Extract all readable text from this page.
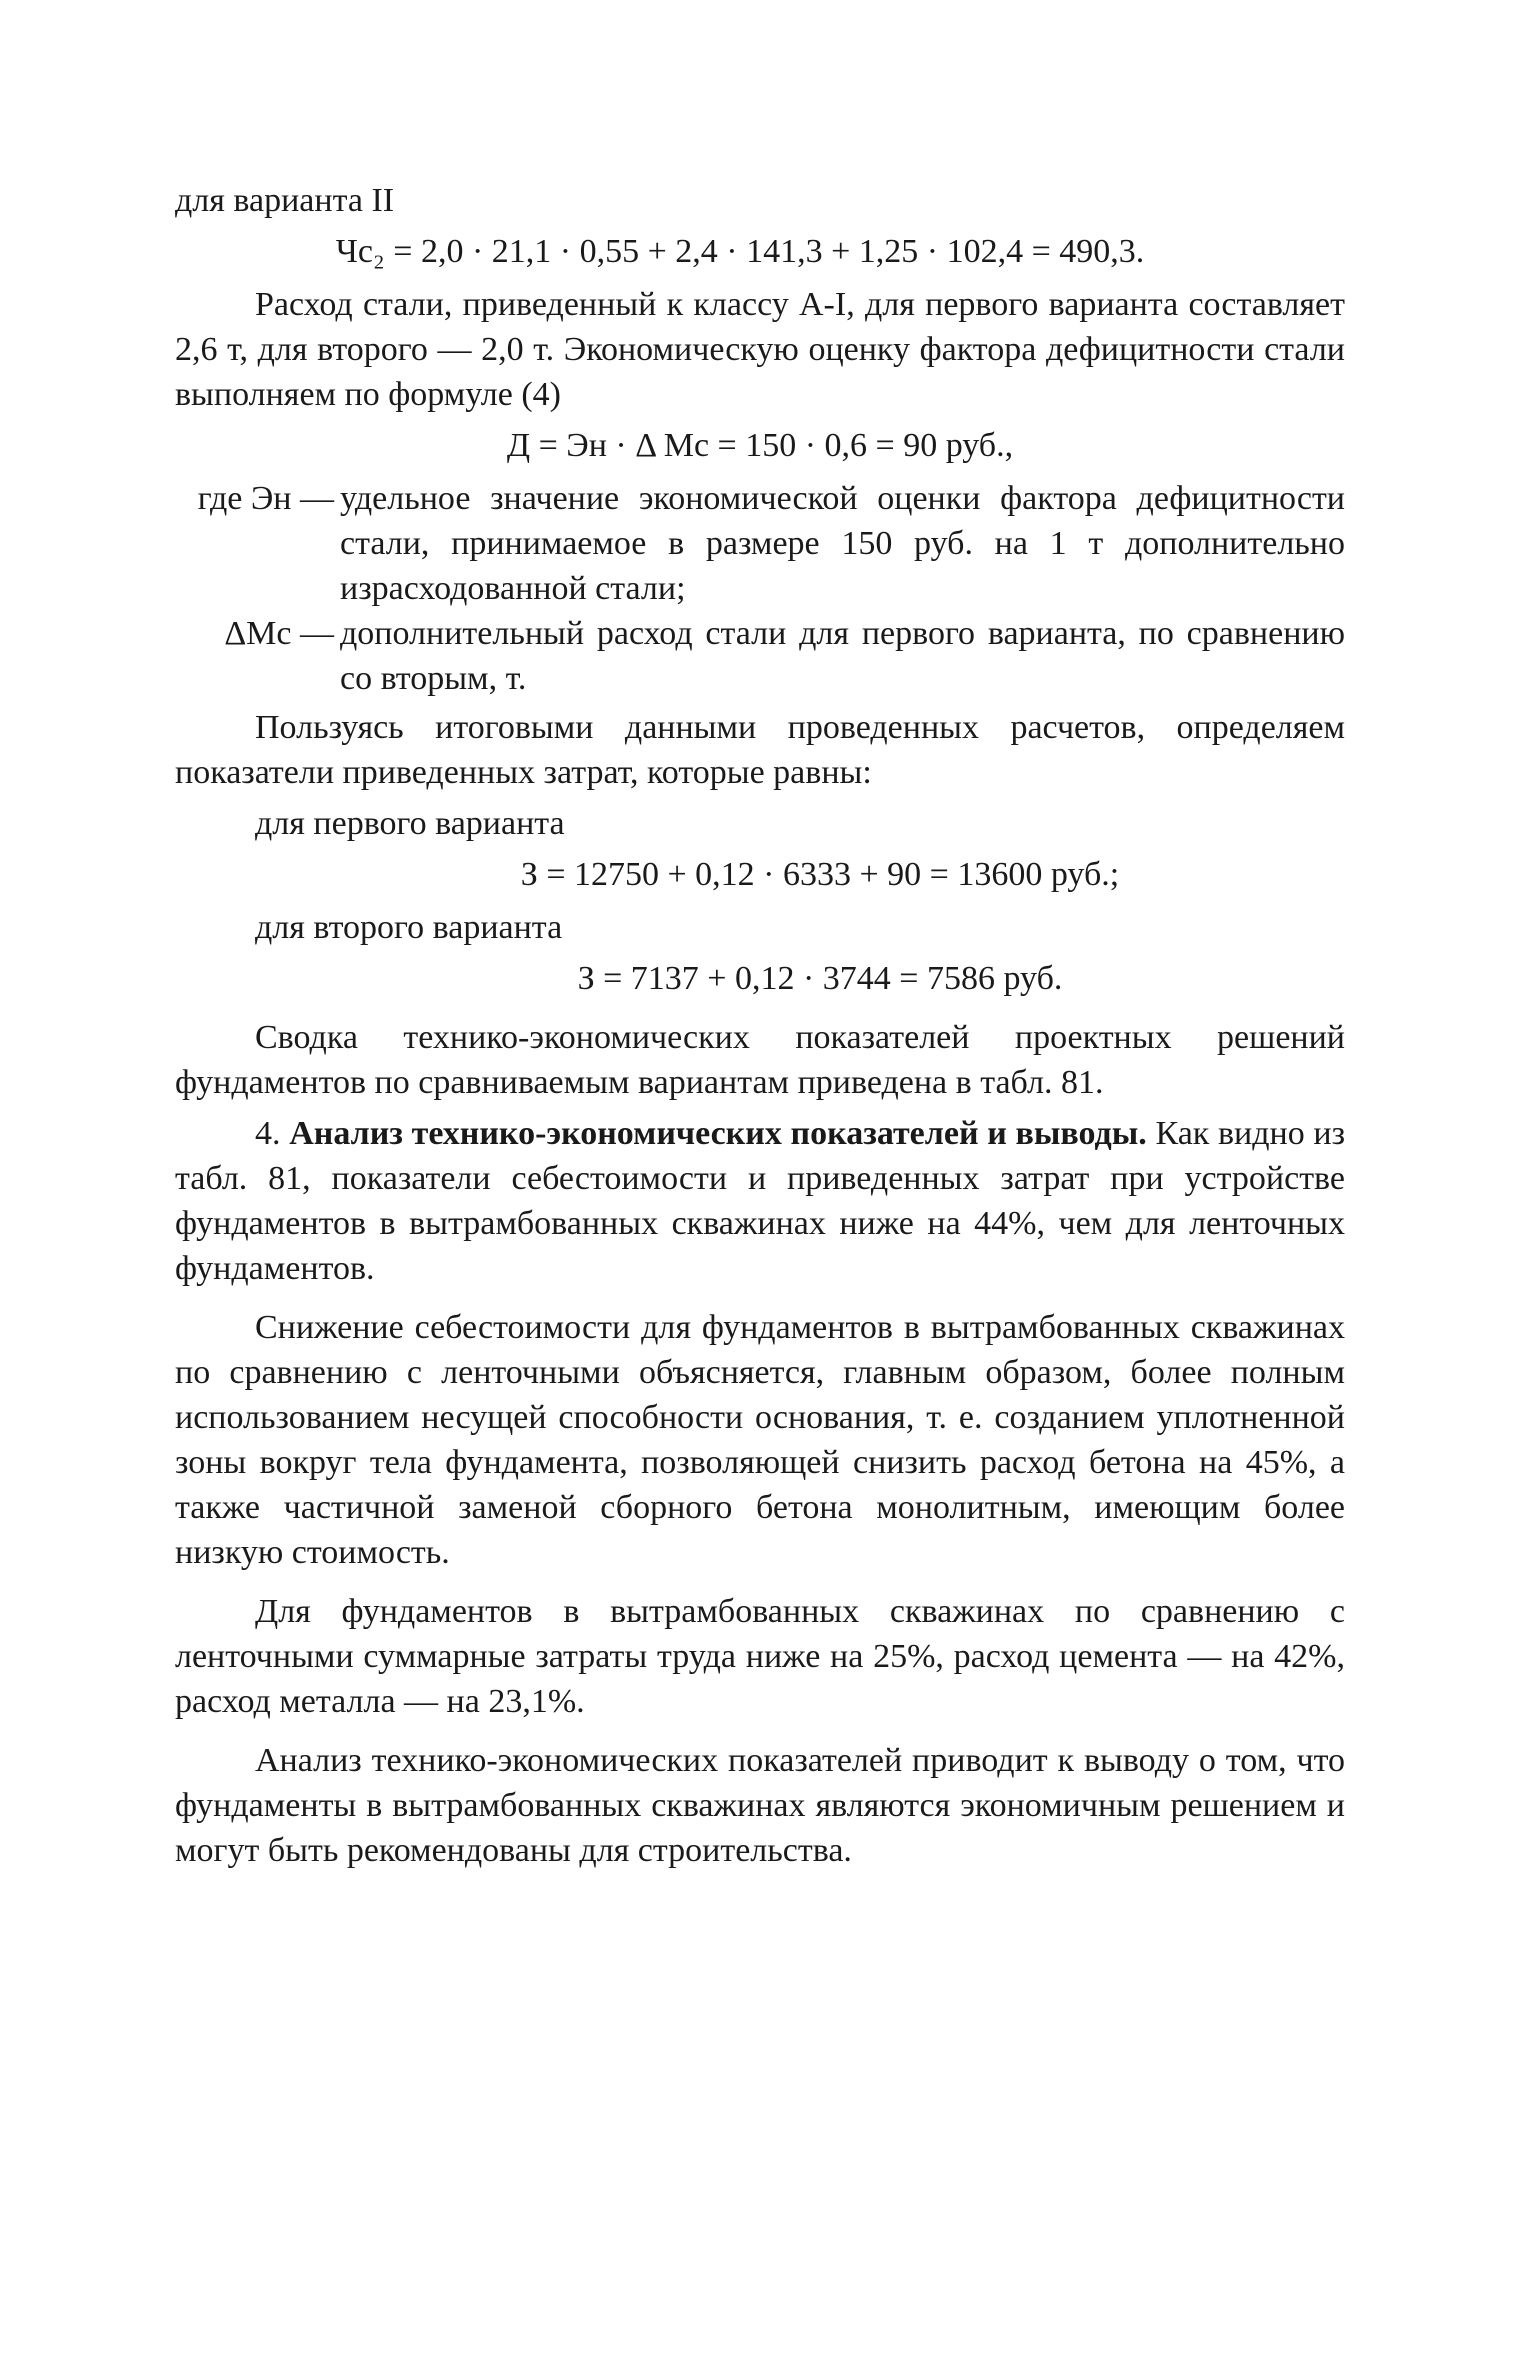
для варианта II
Чс₂ = 2,0 · 21,1 · 0,55 + 2,4 · 141,3 + 1,25 · 102,4 = 490,3.

Расход стали, приведенный к классу А-I, для первого варианта составляет 2,6 т, для второго — 2,0 т. Экономическую оценку фактора дефицитности стали выполняем по формуле (4)

Д = Эн · Δ Мс = 150 · 0,6 = 90 руб.,
где Эн — удельное значение экономической оценки фактора дефицитности стали, принимаемое в размере 150 руб. на 1 т дополнительно израсходованной стали;
ΔМс — дополнительный расход стали для первого варианта, по сравнению со вторым, т.

Пользуясь итоговыми данными проведенных расчетов, определяем показатели приведенных затрат, которые равны:

для первого варианта
З = 12750 + 0,12 · 6333 + 90 = 13600 руб.;
для второго варианта
З = 7137 + 0,12 · 3744 = 7586 руб.

Сводка технико-экономических показателей проектных решений фундаментов по сравниваемым вариантам приведена в табл. 81.

4. Анализ технико-экономических показателей и выводы. Как видно из табл. 81, показатели себестоимости и приведенных затрат при устройстве фундаментов в вытрамбованных скважинах ниже на 44%, чем для ленточных фундаментов.

Снижение себестоимости для фундаментов в вытрамбованных скважинах по сравнению с ленточными объясняется, главным образом, более полным использованием несущей способности основания, т. е. созданием уплотненной зоны вокруг тела фундамента, позволяющей снизить расход бетона на 45%, а также частичной заменой сборного бетона монолитным, имеющим более низкую стоимость.

Для фундаментов в вытрамбованных скважинах по сравнению с ленточными суммарные затраты труда ниже на 25%, расход цемента — на 42%, расход металла — на 23,1%.

Анализ технико-экономических показателей приводит к выводу о том, что фундаменты в вытрамбованных скважинах являются экономичным решением и могут быть рекомендованы для строительства.
